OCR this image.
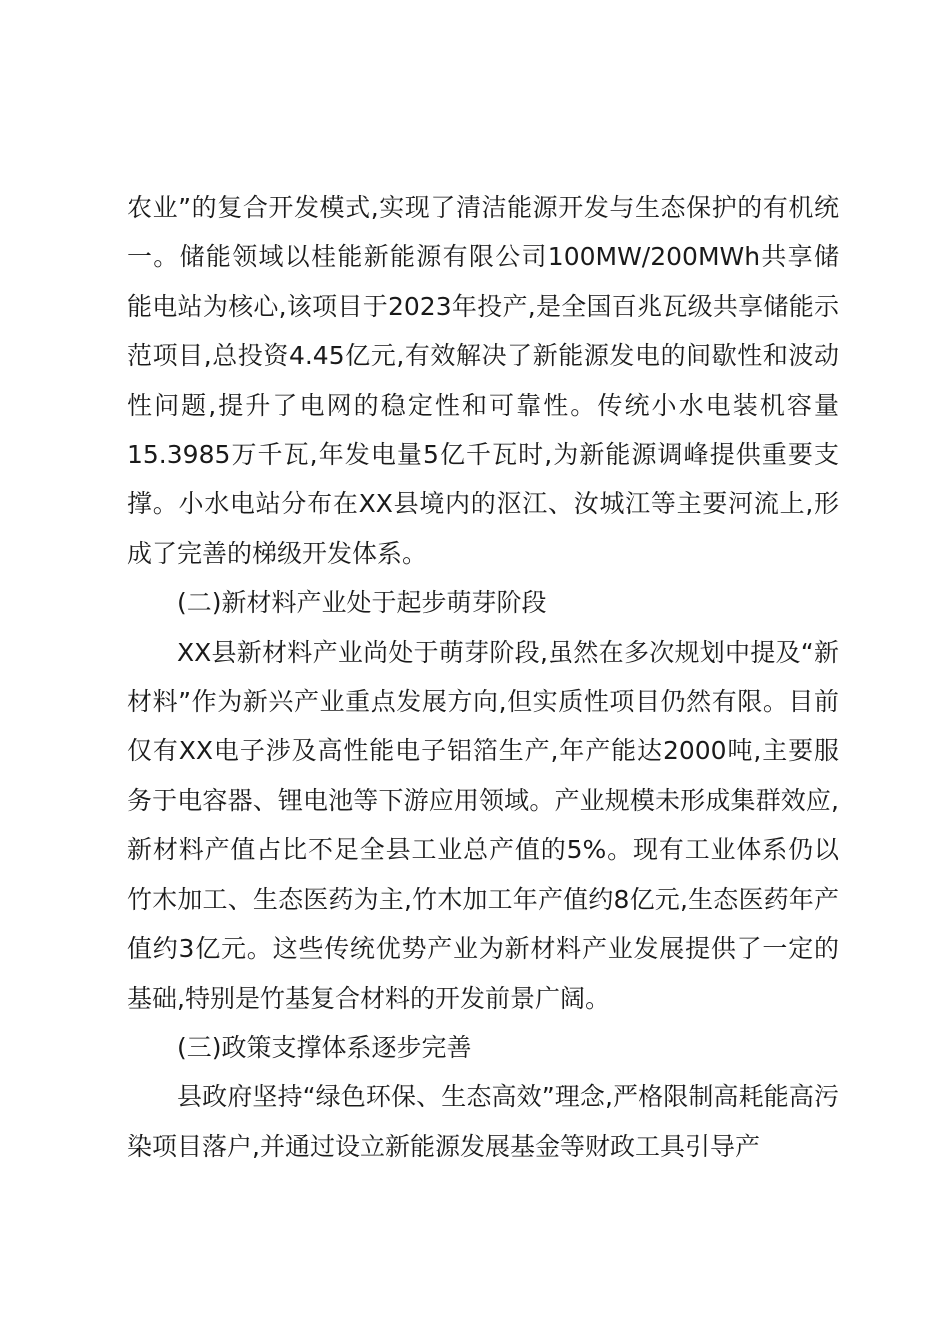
农业”的复合开发模式,实现了清洁能源开发与生态保护的有机统一。储能领域以桂能新能源有限公司100MW/200MWh共享储能电站为核心,该项目于2023年投产,是全国百兆瓦级共享储能示范项目,总投资4.45亿元,有效解决了新能源发电的间歇性和波动性问题,提升了电网的稳定性和可靠性。传统小水电装机容量15.3985万千瓦,年发电量5亿千瓦时,为新能源调峰提供重要支撑。小水电站分布在XX县境内的沤江、汝城江等主要河流上,形成了完善的梯级开发体系。

(二)新材料产业处于起步萌芽阶段

XX县新材料产业尚处于萌芽阶段,虽然在多次规划中提及“新材料”作为新兴产业重点发展方向,但实质性项目仍然有限。目前仅有XX电子涉及高性能电子铝箔生产,年产能达2000吨,主要服务于电容器、锂电池等下游应用领域。产业规模未形成集群效应,新材料产值占比不足全县工业总产值的5%。现有工业体系仍以竹木加工、生态医药为主,竹木加工年产值约8亿元,生态医药年产值约3亿元。这些传统优势产业为新材料产业发展提供了一定的基础,特别是竹基复合材料的开发前景广阔。

(三)政策支撑体系逐步完善

县政府坚持“绿色环保、生态高效”理念,严格限制高耗能高污染项目落户,并通过设立新能源发展基金等财政工具引导产
